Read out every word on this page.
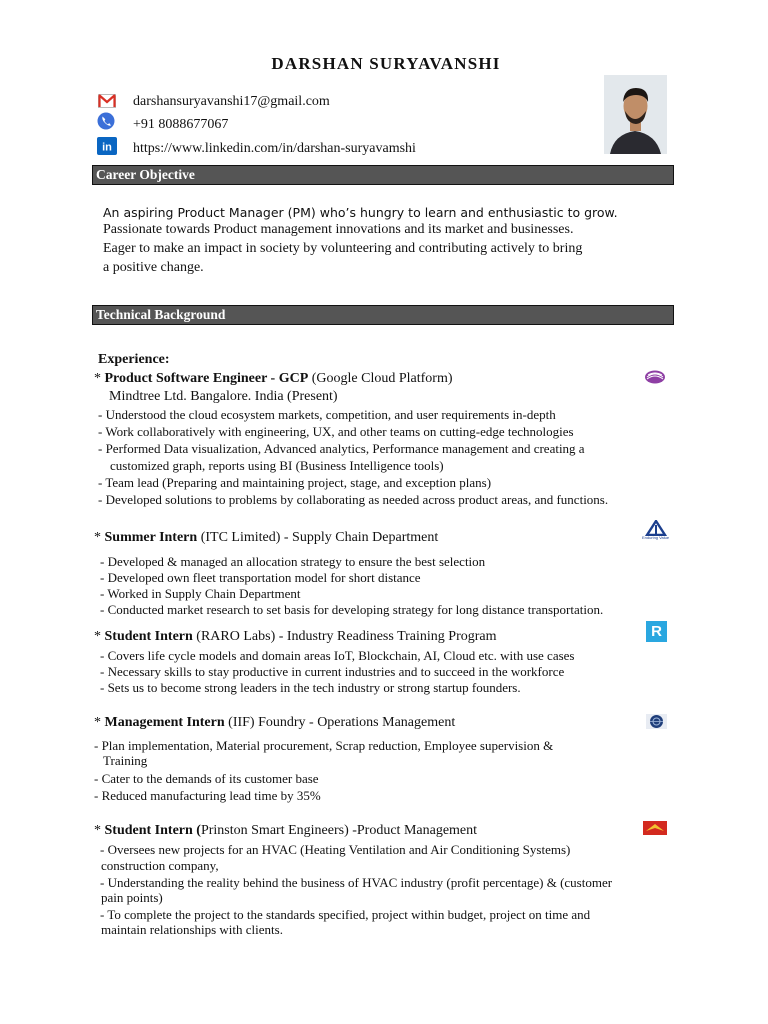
DARSHAN SURYAVANSHI
darshansuryavanshi17@gmail.com
+91 8088677067
in https://www.linkedin.com/in/darshan-suryavamshi
Career Objective
An aspiring Product Manager (PM) who’s hungry to learn and enthusiastic to grow.
Passionate towards Product management innovations and its market and businesses.
Eager to make an impact in society by volunteering and contributing actively to bring
a positive change.
Technical Background
Experience:
* Product Software Engineer - GCP (Google Cloud Platform)
Mindtree Ltd. Bangalore. India (Present)
- Understood the cloud ecosystem markets, competition, and user requirements in-depth
- Work collaboratively with engineering, UX, and other teams on cutting-edge technologies
- Performed Data visualization, Advanced analytics, Performance management and creating a
customized graph, reports using BI (Business Intelligence tools)
- Team lead (Preparing and maintaining project, stage, and exception plans)
- Developed solutions to problems by collaborating as needed across product areas, and functions.
* Summer Intern (ITC Limited) - Supply Chain Department	Enduring Value
- Developed & managed an allocation strategy to ensure the best selection
- Developed own fleet transportation model for short distance
- Worked in Supply Chain Department
- Conducted market research to set basis for developing strategy for long distance transportation.
* Student Intern (RARO Labs) - Industry Readiness Training Program	R
- Covers life cycle models and domain areas IoT, Blockchain, AI, Cloud etc. with use cases
- Necessary skills to stay productive in current industries and to succeed in the workforce
- Sets us to become strong leaders in the tech industry or strong startup founders.
* Management Intern (IIF) Foundry - Operations Management
- Plan implementation, Material procurement, Scrap reduction, Employee supervision &
Training
- Cater to the demands of its customer base
- Reduced manufacturing lead time by 35%
* Student Intern (Prinston Smart Engineers) -Product Management
- Oversees new projects for an HVAC (Heating Ventilation and Air Conditioning Systems)
construction company,
- Understanding the reality behind the business of HVAC industry (profit percentage) & (customer
pain points)
- To complete the project to the standards specified, project within budget, project on time and
maintain relationships with clients.
